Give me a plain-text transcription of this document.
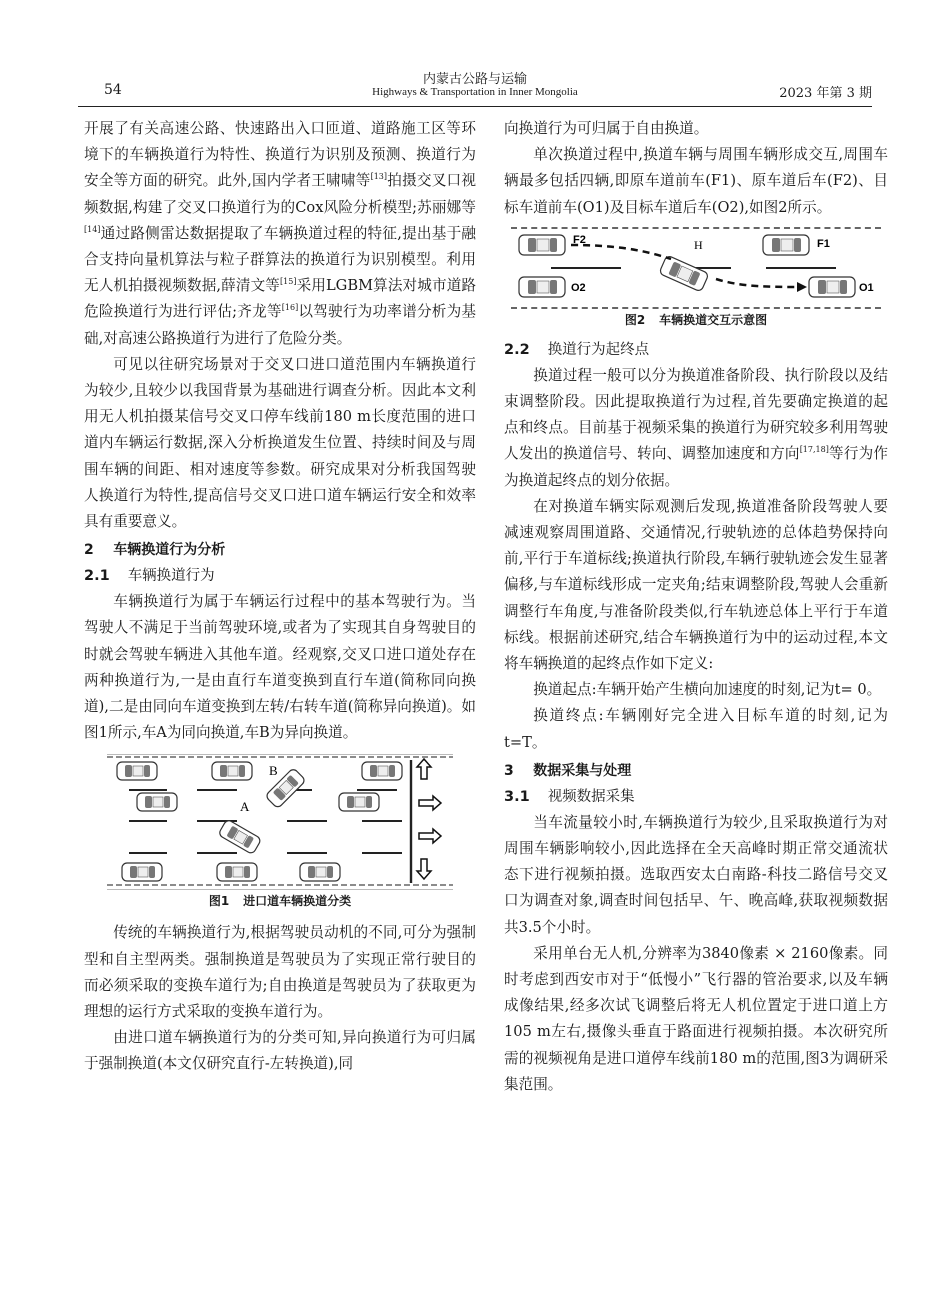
54
内蒙古公路与运输
Highways & Transportation in Inner Mongolia	2023 年第 3 期

开展了有关高速公路、快速路出入口匝道、道路施工区等环境下的车辆换道行为特性、换道行为识别及预测、换道行为安全等方面的研究。此外,国内学者王啸啸等[13]拍摄交叉口视频数据,构建了交叉口换道行为的Cox风险分析模型;苏丽娜等[14]通过路侧雷达数据提取了车辆换道过程的特征,提出基于融合支持向量机算法与粒子群算法的换道行为识别模型。利用无人机拍摄视频数据,薛清文等[15]采用LGBM算法对城市道路危险换道行为进行评估;齐龙等[16]以驾驶行为功率谱分析为基础,对高速公路换道行为进行了危险分类。

可见以往研究场景对于交叉口进口道范围内车辆换道行为较少,且较少以我国背景为基础进行调查分析。因此本文利用无人机拍摄某信号交叉口停车线前180 m长度范围的进口道内车辆运行数据,深入分析换道发生位置、持续时间及与周围车辆的间距、相对速度等参数。研究成果对分析我国驾驶人换道行为特性,提高信号交叉口进口道车辆运行安全和效率具有重要意义。

2 车辆换道行为分析
2.1 车辆换道行为

车辆换道行为属于车辆运行过程中的基本驾驶行为。当驾驶人不满足于当前驾驶环境,或者为了实现其自身驾驶目的时就会驾驶车辆进入其他车道。经观察,交叉口进口道处存在两种换道行为,一是由直行车道变换到直行车道(简称同向换道),二是由同向车道变换到左转/右转车道(简称异向换道)。如图1所示,车A为同向换道,车B为异向换道。

B
A
图1 进口道车辆换道分类

传统的车辆换道行为,根据驾驶员动机的不同,可分为强制型和自主型两类。强制换道是驾驶员为了实现正常行驶目的而必须采取的变换车道行为;自由换道是驾驶员为了获取更为理想的运行方式采取的变换车道行为。

由进口道车辆换道行为的分类可知,异向换道行为可归属于强制换道(本文仅研究直行-左转换道),同

向换道行为可归属于自由换道。

单次换道过程中,换道车辆与周围车辆形成交互,周围车辆最多包括四辆,即原车道前车(F1)、原车道后车(F2)、目标车道前车(O1)及目标车道后车(O2),如图2所示。

F2	H	F1
O2	O1
图2 车辆换道交互示意图
2.2 换道行为起终点

换道过程一般可以分为换道准备阶段、执行阶段以及结束调整阶段。因此提取换道行为过程,首先要确定换道的起点和终点。目前基于视频采集的换道行为研究较多利用驾驶人发出的换道信号、转向、调整加速度和方向[17,18]等行为作为换道起终点的划分依据。

在对换道车辆实际观测后发现,换道准备阶段驾驶人要减速观察周围道路、交通情况,行驶轨迹的总体趋势保持向前,平行于车道标线;换道执行阶段,车辆行驶轨迹会发生显著偏移,与车道标线形成一定夹角;结束调整阶段,驾驶人会重新调整行车角度,与准备阶段类似,行车轨迹总体上平行于车道标线。根据前述研究,结合车辆换道行为中的运动过程,本文将车辆换道的起终点作如下定义:

换道起点:车辆开始产生横向加速度的时刻,记为t= 0。

换道终点:车辆刚好完全进入目标车道的时刻,记为t=T。

3 数据采集与处理
3.1 视频数据采集

当车流量较小时,车辆换道行为较少,且采取换道行为对周围车辆影响较小,因此选择在全天高峰时期正常交通流状态下进行视频拍摄。选取西安太白南路-科技二路信号交叉口为调查对象,调查时间包括早、午、晚高峰,获取视频数据共3.5个小时。

采用单台无人机,分辨率为3840像素 × 2160像素。同时考虑到西安市对于“低慢小”飞行器的管治要求,以及车辆成像结果,经多次试飞调整后将无人机位置定于进口道上方105 m左右,摄像头垂直于路面进行视频拍摄。本次研究所需的视频视角是进口道停车线前180 m的范围,图3为调研采集范围。
